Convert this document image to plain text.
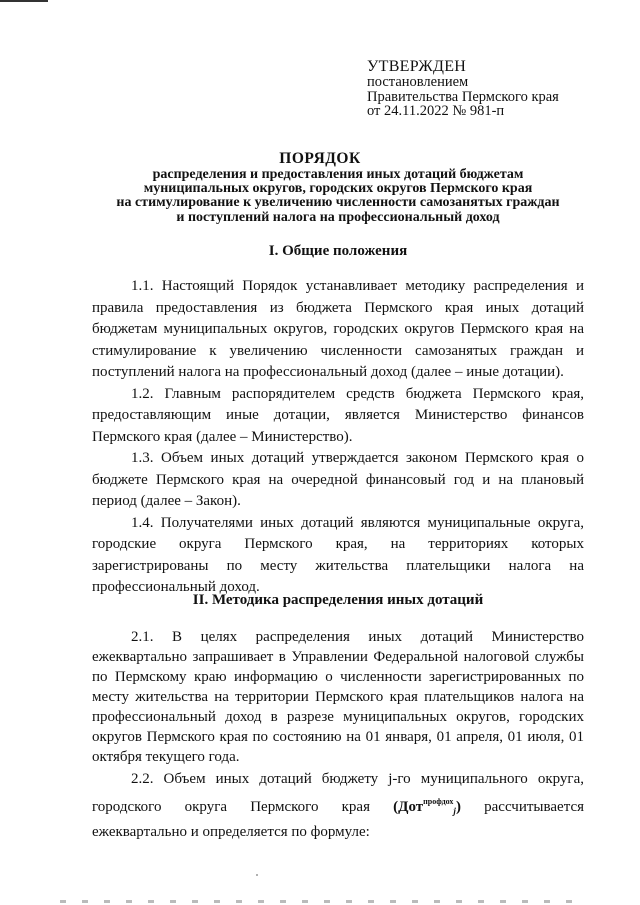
УТВЕРЖДЕН
постановлением
Правительства Пермского края
от 24.11.2022 № 981-п
ПОРЯДОК
распределения и предоставления иных дотаций бюджетам
муниципальных округов, городских округов Пермского края
на стимулирование к увеличению численности самозанятых граждан
и поступлений налога на профессиональный доход
I. Общие положения

1.1. Настоящий Порядок устанавливает методику распределения и правила предоставления из бюджета Пермского края иных дотаций бюджетам муниципальных округов, городских округов Пермского края на стимулирование к увеличению численности самозанятых граждан и поступлений налога на профессиональный доход (далее – иные дотации).

1.2. Главным распорядителем средств бюджета Пермского края, предоставляющим иные дотации, является Министерство финансов Пермского края (далее – Министерство).

1.3. Объем иных дотаций утверждается законом Пермского края о бюджете Пермского края на очередной финансовый год и на плановый период (далее – Закон).

1.4. Получателями иных дотаций являются муниципальные округа, городские округа Пермского края, на территориях которых зарегистрированы по месту жительства плательщики налога на профессиональный доход.

II. Методика распределения иных дотаций

2.1. В целях распределения иных дотаций Министерство ежеквартально запрашивает в Управлении Федеральной налоговой службы по Пермскому краю информацию о численности зарегистрированных по месту жительства на территории Пермского края плательщиков налога на профессиональный доход в разрезе муниципальных округов, городских округов Пермского края по состоянию на 01 января, 01 апреля, 01 июля, 01 октября текущего года.

2.2. Объем иных дотаций бюджету j-го муниципального округа, городского округа Пермского края (Дот$^{профдох}_j$) рассчитывается ежеквартально и определяется по формуле:
